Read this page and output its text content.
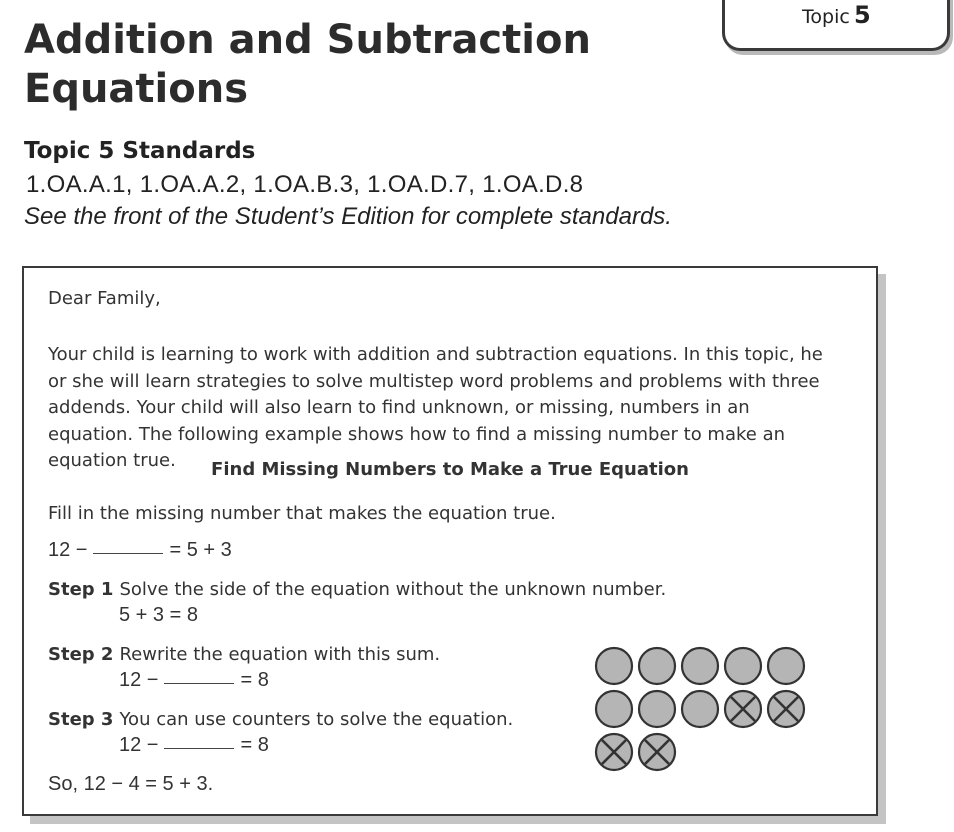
Topic 5
Addition and Subtraction
Equations
Topic 5 Standards
1.OA.A.1, 1.OA.A.2, 1.OA.B.3, 1.OA.D.7, 1.OA.D.8
See the front of the Student’s Edition for complete standards.
Dear Family,
Your child is learning to work with addition and subtraction equations. In this topic, he or she will learn strategies to solve multistep word problems and problems with three addends. Your child will also learn to find unknown, or missing, numbers in an equation. The following example shows how to find a missing number to make an equation true.	Find Missing Numbers to Make a True Equation
Fill in the missing number that makes the equation true.
12 −	= 5 + 3
Step 1 Solve the side of the equation without the unknown number.
5 + 3 = 8
Step 2 Rewrite the equation with this sum.
12 −	= 8
Step 3 You can use counters to solve the equation.
12 −	= 8
So, 12 − 4 = 5 + 3.
